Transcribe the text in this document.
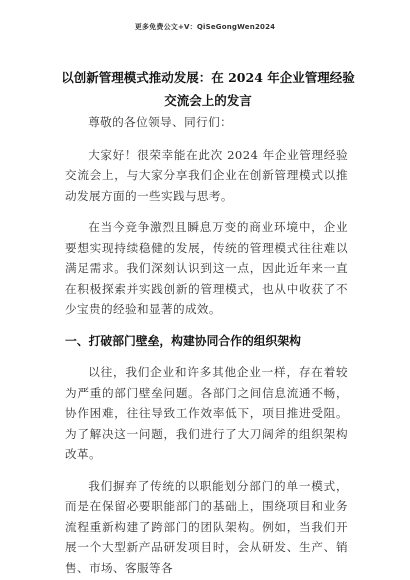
更多免费公文+V：QiSeGongWen2024
以创新管理模式推动发展：在 2024 年企业管理经验交流会上的发言

尊敬的各位领导、同行们：

大家好！很荣幸能在此次 2024 年企业管理经验交流会上，与大家分享我们企业在创新管理模式以推动发展方面的一些实践与思考。

在当今竞争激烈且瞬息万变的商业环境中，企业要想实现持续稳健的发展，传统的管理模式往往难以满足需求。我们深刻认识到这一点，因此近年来一直在积极探索并实践创新的管理模式，也从中收获了不少宝贵的经验和显著的成效。

一、打破部门壁垒，构建协同合作的组织架构

以往，我们企业和许多其他企业一样，存在着较为严重的部门壁垒问题。各部门之间信息流通不畅，协作困难，往往导致工作效率低下，项目推进受阻。为了解决这一问题，我们进行了大刀阔斧的组织架构改革。

我们摒弃了传统的以职能划分部门的单一模式，而是在保留必要职能部门的基础上，围绕项目和业务流程重新构建了跨部门的团队架构。例如，当我们开展一个大型新产品研发项目时，会从研发、生产、销售、市场、客服等各
